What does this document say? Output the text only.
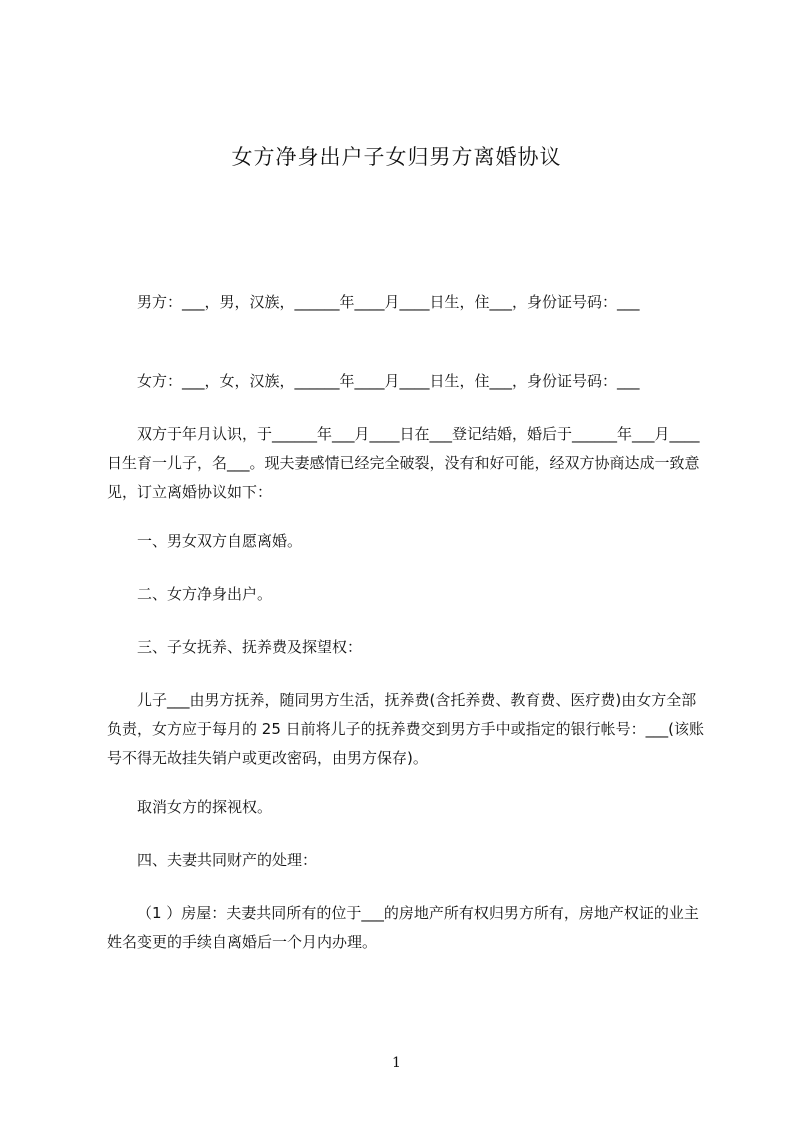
女方净身出户子女归男方离婚协议

男方：___，男，汉族，______年____月____日生，住___，身份证号码：___

女方：___，女，汉族，______年____月____日生，住___，身份证号码：___

双方于年月认识，于______年___月____日在___登记结婚，婚后于______年___月____日生育一儿子，名___。现夫妻感情已经完全破裂，没有和好可能，经双方协商达成一致意见，订立离婚协议如下：

一、男女双方自愿离婚。

二、女方净身出户。

三、子女抚养、抚养费及探望权：

儿子___由男方抚养，随同男方生活，抚养费(含托养费、教育费、医疗费)由女方全部负责，女方应于每月的 25 日前将儿子的抚养费交到男方手中或指定的银行帐号：___(该账号不得无故挂失销户或更改密码，由男方保存)。

取消女方的探视权。

四、夫妻共同财产的处理：

（1 ）房屋：夫妻共同所有的位于___的房地产所有权归男方所有，房地产权证的业主姓名变更的手续自离婚后一个月内办理。

1
